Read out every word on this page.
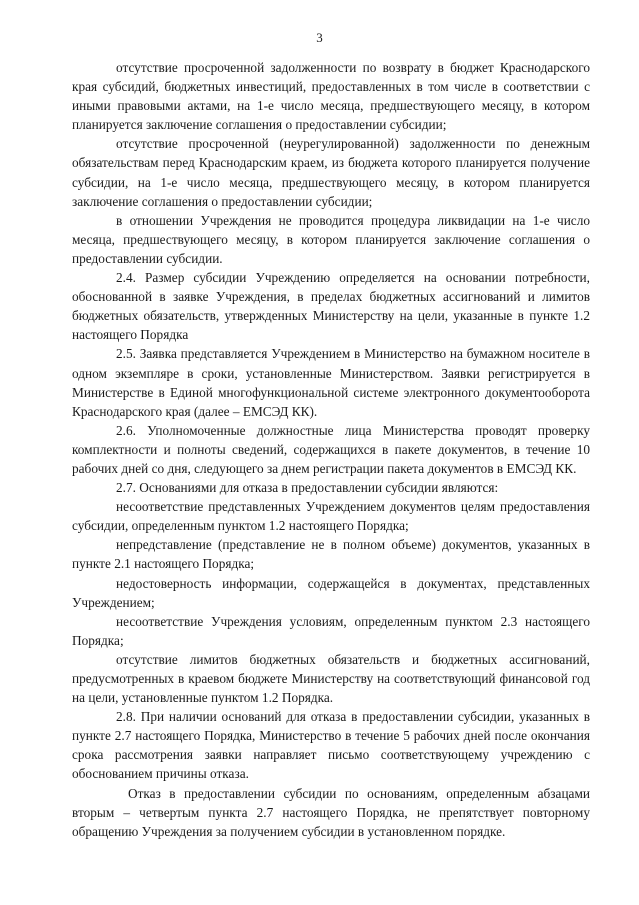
3

отсутствие просроченной задолженности по возврату в бюджет Краснодарского края субсидий, бюджетных инвестиций, предоставленных в том числе в соответствии с иными правовыми актами, на 1-е число месяца, предшествующего месяцу, в котором планируется заключение соглашения о предоставлении субсидии;

отсутствие просроченной (неурегулированной) задолженности по денежным обязательствам перед Краснодарским краем, из бюджета которого планируется получение субсидии, на 1-е число месяца, предшествующего месяцу, в котором планируется заключение соглашения о предоставлении субсидии;

в отношении Учреждения не проводится процедура ликвидации на 1-е число месяца, предшествующего месяцу, в котором планируется заключение соглашения о предоставлении субсидии.

2.4. Размер субсидии Учреждению определяется на основании потребности, обоснованной в заявке Учреждения, в пределах бюджетных ассигнований и лимитов бюджетных обязательств, утвержденных Министерству на цели, указанные в пункте 1.2 настоящего Порядка

2.5. Заявка представляется Учреждением в Министерство на бумажном носителе в одном экземпляре в сроки, установленные Министерством. Заявки регистрируется в Министерстве в Единой многофункциональной системе электронного документооборота Краснодарского края (далее – ЕМСЭД КК).

2.6. Уполномоченные должностные лица Министерства проводят проверку комплектности и полноты сведений, содержащихся в пакете документов, в течение 10 рабочих дней со дня, следующего за днем регистрации пакета документов в ЕМСЭД КК.

2.7. Основаниями для отказа в предоставлении субсидии являются:

несоответствие представленных Учреждением документов целям предоставления субсидии, определенным пунктом 1.2 настоящего Порядка;

непредставление (представление не в полном объеме) документов, указанных в пункте 2.1 настоящего Порядка;

недостоверность информации, содержащейся в документах, представленных Учреждением;

несоответствие Учреждения условиям, определенным пунктом 2.3 настоящего Порядка;

отсутствие лимитов бюджетных обязательств и бюджетных ассигнований, предусмотренных в краевом бюджете Министерству на соответствующий финансовой год на цели, установленные пунктом 1.2 Порядка.

2.8. При наличии оснований для отказа в предоставлении субсидии, указанных в пункте 2.7 настоящего Порядка, Министерство в течение 5 рабочих дней после окончания срока рассмотрения заявки направляет письмо соответствующему учреждению с обоснованием причины отказа.

Отказ в предоставлении субсидии по основаниям, определенным абзацами вторым – четвертым пункта 2.7 настоящего Порядка, не препятствует повторному обращению Учреждения за получением субсидии в установленном порядке.
